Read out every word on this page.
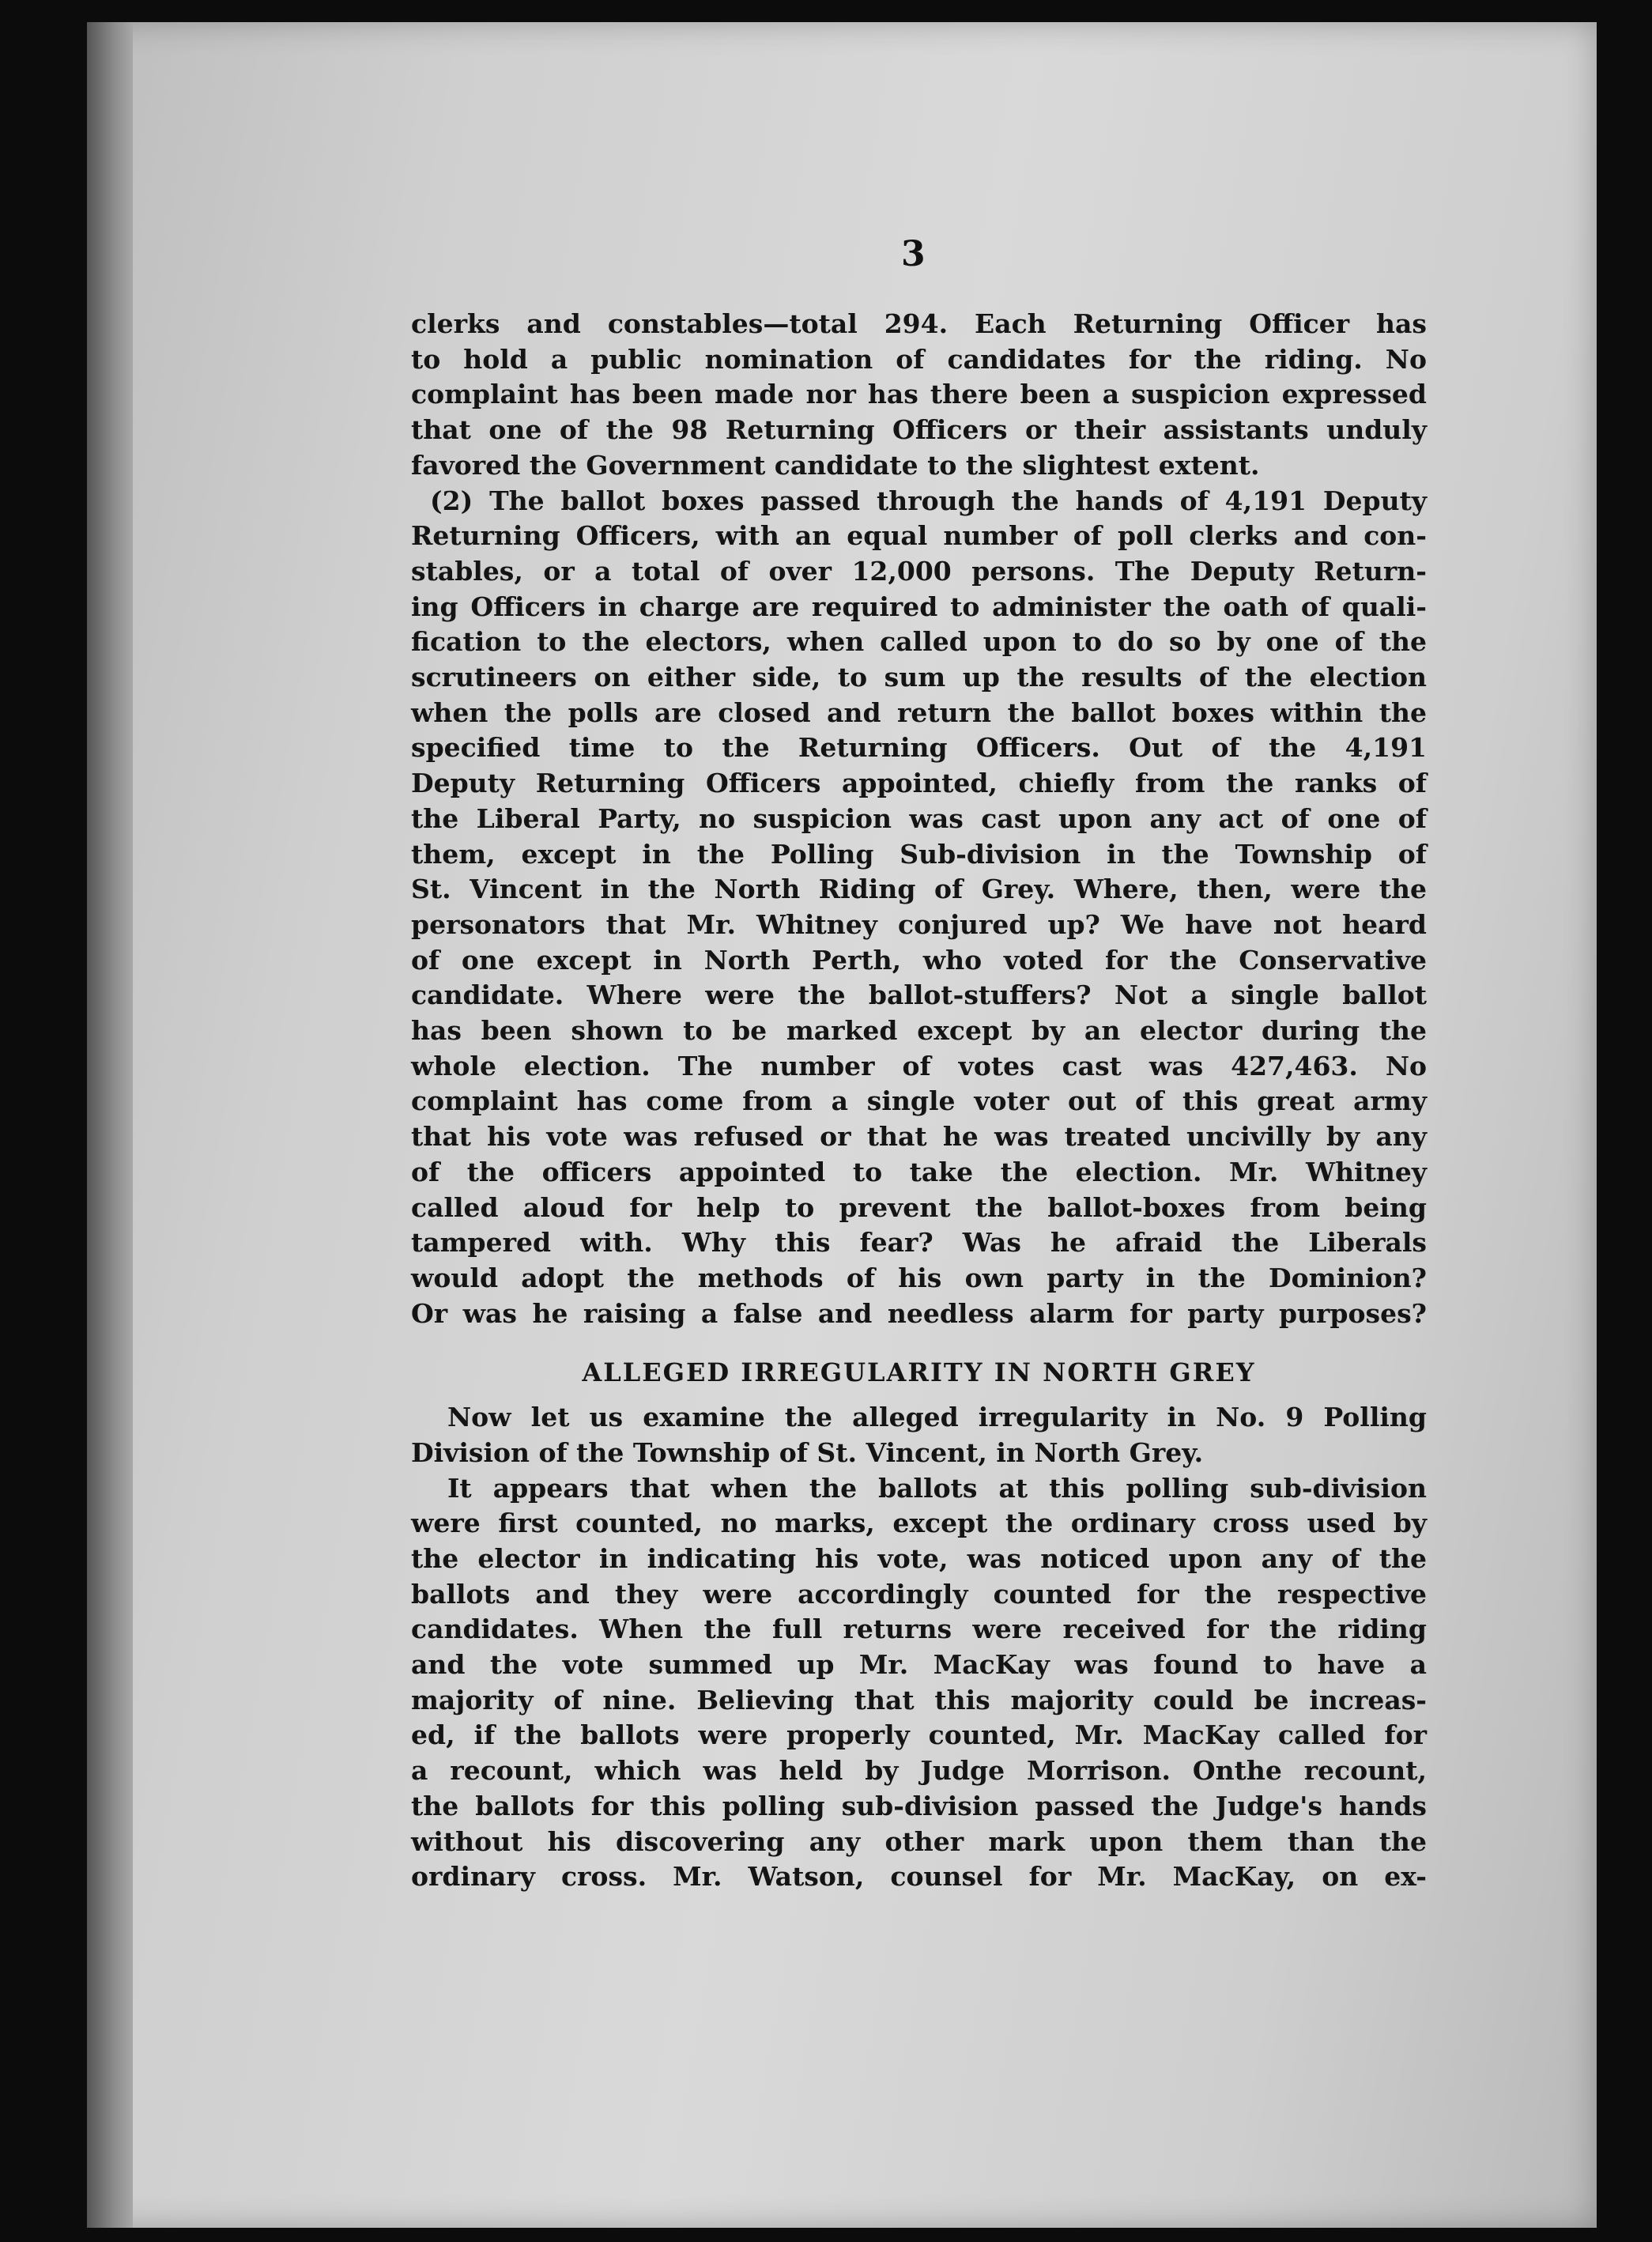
3
clerks and constables—total 294. Each Returning Officer has
to hold a public nomination of candidates for the riding. No
complaint has been made nor has there been a suspicion expressed
that one of the 98 Returning Officers or their assistants unduly
favored the Government candidate to the slightest extent.
(2) The ballot boxes passed through the hands of 4,191 Deputy
Returning Officers, with an equal number of poll clerks and con-
stables, or a total of over 12,000 persons. The Deputy Return-
ing Officers in charge are required to administer the oath of quali-
fication to the electors, when called upon to do so by one of the
scrutineers on either side, to sum up the results of the election
when the polls are closed and return the ballot boxes within the
specified time to the Returning Officers. Out of the 4,191
Deputy Returning Officers appointed, chiefly from the ranks of
the Liberal Party, no suspicion was cast upon any act of one of
them, except in the Polling Sub-division in the Township of
St. Vincent in the North Riding of Grey. Where, then, were the
personators that Mr. Whitney conjured up? We have not heard
of one except in North Perth, who voted for the Conservative
candidate. Where were the ballot-stuffers? Not a single ballot
has been shown to be marked except by an elector during the
whole election. The number of votes cast was 427,463. No
complaint has come from a single voter out of this great army
that his vote was refused or that he was treated uncivilly by any
of the officers appointed to take the election. Mr. Whitney
called aloud for help to prevent the ballot-boxes from being
tampered with. Why this fear? Was he afraid the Liberals
would adopt the methods of his own party in the Dominion?
Or was he raising a false and needless alarm for party purposes?
ALLEGED IRREGULARITY IN NORTH GREY
Now let us examine the alleged irregularity in No. 9 Polling
Division of the Township of St. Vincent, in North Grey.
It appears that when the ballots at this polling sub-division
were first counted, no marks, except the ordinary cross used by
the elector in indicating his vote, was noticed upon any of the
ballots and they were accordingly counted for the respective
candidates. When the full returns were received for the riding
and the vote summed up Mr. MacKay was found to have a
majority of nine. Believing that this majority could be increas-
ed, if the ballots were properly counted, Mr. MacKay called for
a recount, which was held by Judge Morrison. Onthe recount,
the ballots for this polling sub-division passed the Judge's hands
without his discovering any other mark upon them than the
ordinary cross. Mr. Watson, counsel for Mr. MacKay, on ex-
